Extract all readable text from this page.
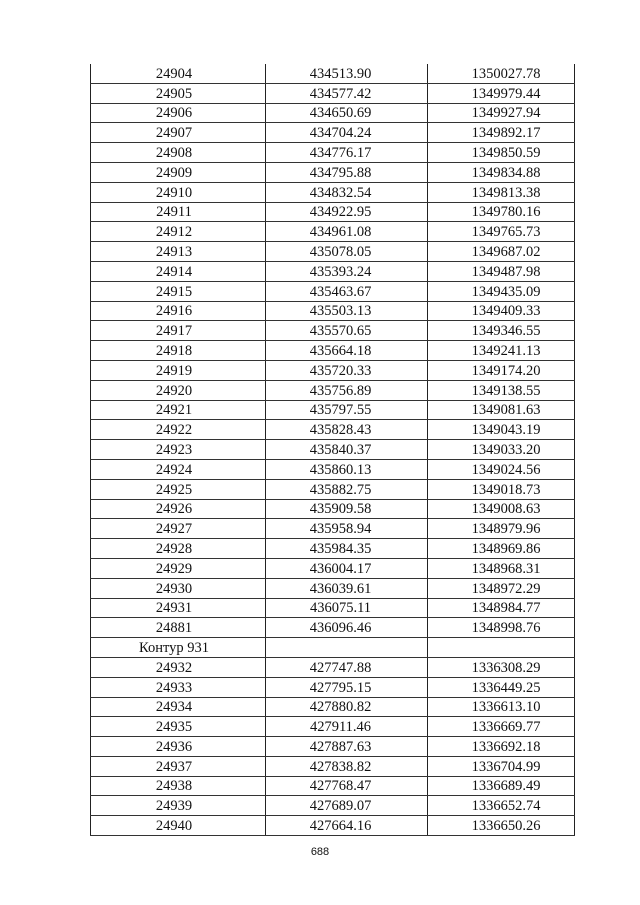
24904	434513.90	1350027.78
24905	434577.42	1349979.44
24906	434650.69	1349927.94
24907	434704.24	1349892.17
24908	434776.17	1349850.59
24909	434795.88	1349834.88
24910	434832.54	1349813.38
24911	434922.95	1349780.16
24912	434961.08	1349765.73
24913	435078.05	1349687.02
24914	435393.24	1349487.98
24915	435463.67	1349435.09
24916	435503.13	1349409.33
24917	435570.65	1349346.55
24918	435664.18	1349241.13
24919	435720.33	1349174.20
24920	435756.89	1349138.55
24921	435797.55	1349081.63
24922	435828.43	1349043.19
24923	435840.37	1349033.20
24924	435860.13	1349024.56
24925	435882.75	1349018.73
24926	435909.58	1349008.63
24927	435958.94	1348979.96
24928	435984.35	1348969.86
24929	436004.17	1348968.31
24930	436039.61	1348972.29
24931	436075.11	1348984.77
24881	436096.46	1348998.76
Контур 931		
24932	427747.88	1336308.29
24933	427795.15	1336449.25
24934	427880.82	1336613.10
24935	427911.46	1336669.77
24936	427887.63	1336692.18
24937	427838.82	1336704.99
24938	427768.47	1336689.49
24939	427689.07	1336652.74
24940	427664.16	1336650.26
688
